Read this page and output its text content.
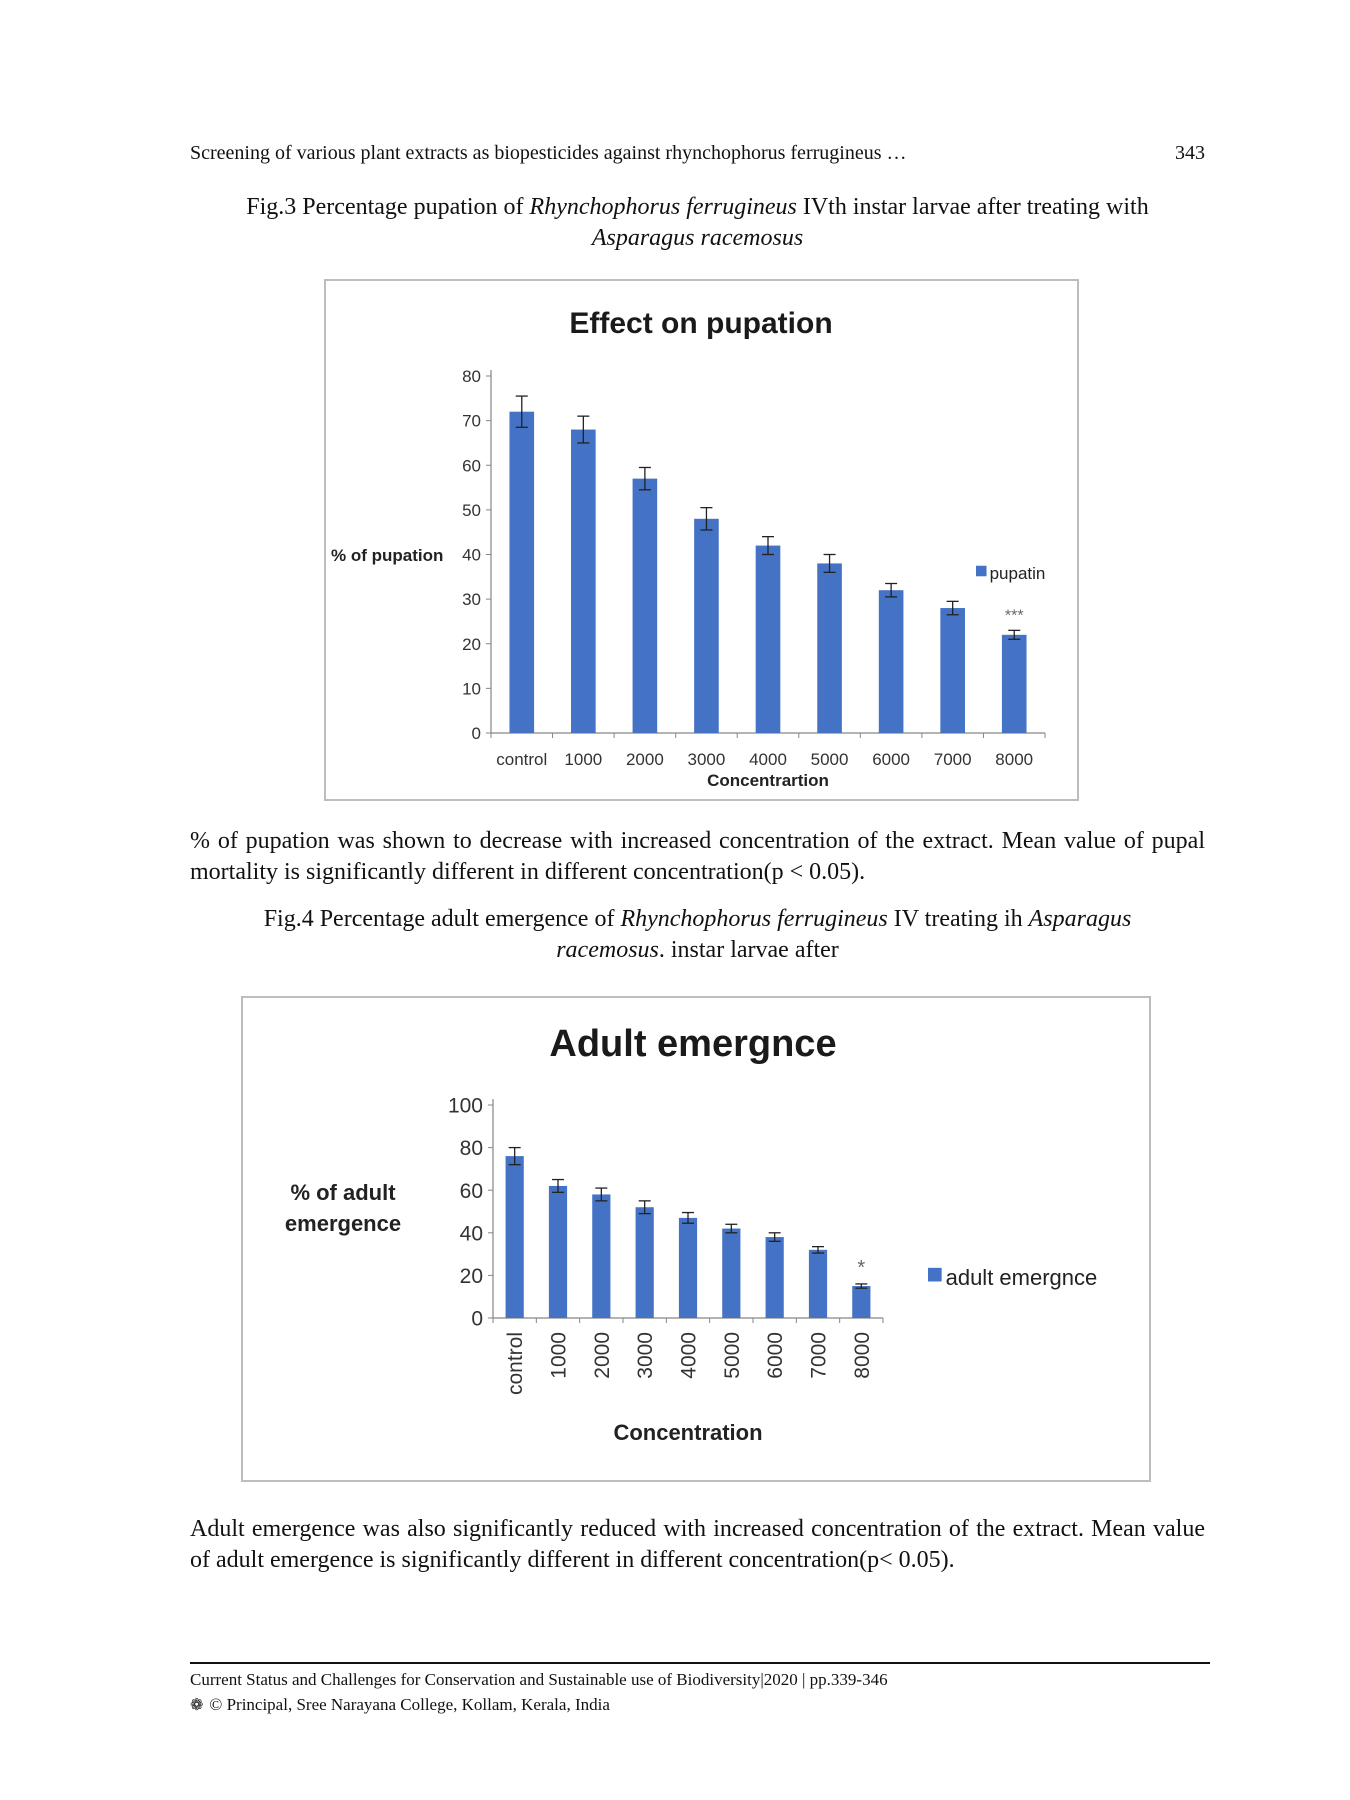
Screening of various plant extracts as biopesticides against rhynchophorus ferrugineus …	343
Fig.3 Percentage pupation of Rhynchophorus ferrugineus IVth instar larvae after treating with
Asparagus racemosus
Effect on pupation
0
10
20
30
40
50
60
70
80
control 1000 2000 3000 4000 5000 6000 7000 8000
***
Concentrartion
% of pupation
pupatin
% of pupation was shown to decrease with increased concentration of the extract. Mean value of pupal mortality is significantly different in different concentration(p < 0.05).
Fig.4 Percentage adult emergence of Rhynchophorus ferrugineus IV treating ih Asparagus
racemosus. instar larvae after
Adult emergnce
0
20
40
60
80
100
control 1000 2000 3000 4000 5000 6000 7000 8000
*
Concentration
% of adult
emergence
adult emergnce
Adult emergence was also significantly reduced with increased concentration of the extract. Mean value of adult emergence is significantly different in different concentration(p< 0.05).
Current Status and Challenges for Conservation and Sustainable use of Biodiversity|2020 | pp.339-346
❁ © Principal, Sree Narayana College, Kollam, Kerala, India
